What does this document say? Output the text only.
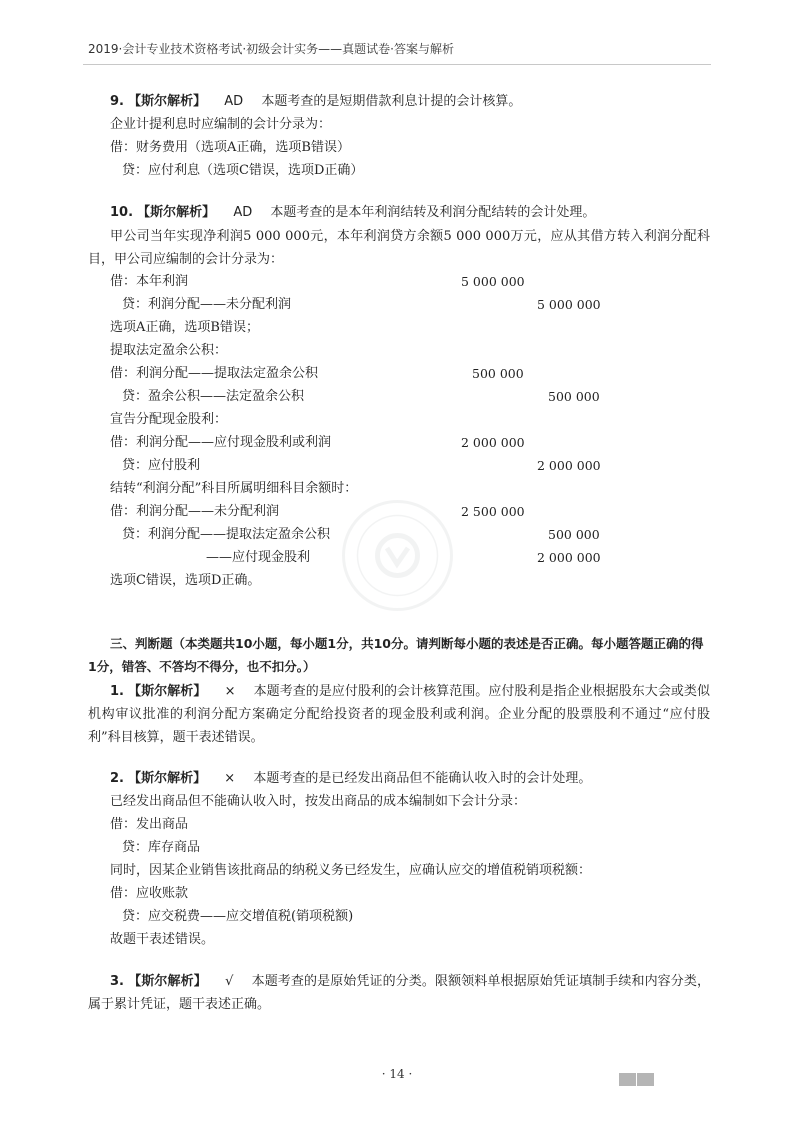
2019·会计专业技术资格考试·初级会计实务——真题试卷·答案与解析
9. 【斯尔解析】 AD 本题考查的是短期借款利息计提的会计核算。
企业计提利息时应编制的会计分录为：
借：财务费用（选项A正确，选项B错误）
贷：应付利息（选项C错误，选项D正确）
10. 【斯尔解析】 AD 本题考查的是本年利润结转及利润分配结转的会计处理。
甲公司当年实现净利润5 000 000元，本年利润贷方余额5 000 000万元，应从其借方转入利润分配科目，甲公司应编制的会计分录为：
借：本年利润	5 000 000
贷：利润分配——未分配利润	5 000 000
选项A正确，选项B错误；
提取法定盈余公积：
借：利润分配——提取法定盈余公积	500 000
贷：盈余公积——法定盈余公积	500 000
宣告分配现金股利：
借：利润分配——应付现金股利或利润	2 000 000
贷：应付股利	2 000 000
结转“利润分配”科目所属明细科目余额时：
借：利润分配——未分配利润	2 500 000
贷：利润分配——提取法定盈余公积	500 000
——应付现金股利	2 000 000
选项C错误，选项D正确。
三、判断题（本类题共10小题，每小题1分，共10分。请判断每小题的表述是否正确。每小题答题正确的得1分，错答、不答均不得分，也不扣分。）
1. 【斯尔解析】 × 本题考查的是应付股利的会计核算范围。应付股利是指企业根据股东大会或类似机构审议批准的利润分配方案确定分配给投资者的现金股利或利润。企业分配的股票股利不通过“应付股利”科目核算，题干表述错误。
2. 【斯尔解析】 × 本题考查的是已经发出商品但不能确认收入时的会计处理。
已经发出商品但不能确认收入时，按发出商品的成本编制如下会计分录：
借：发出商品
贷：库存商品
同时，因某企业销售该批商品的纳税义务已经发生，应确认应交的增值税销项税额：
借：应收账款
贷：应交税费——应交增值税(销项税额)
故题干表述错误。
3. 【斯尔解析】 √ 本题考查的是原始凭证的分类。限额领料单根据原始凭证填制手续和内容分类，属于累计凭证，题干表述正确。
· 14 ·
